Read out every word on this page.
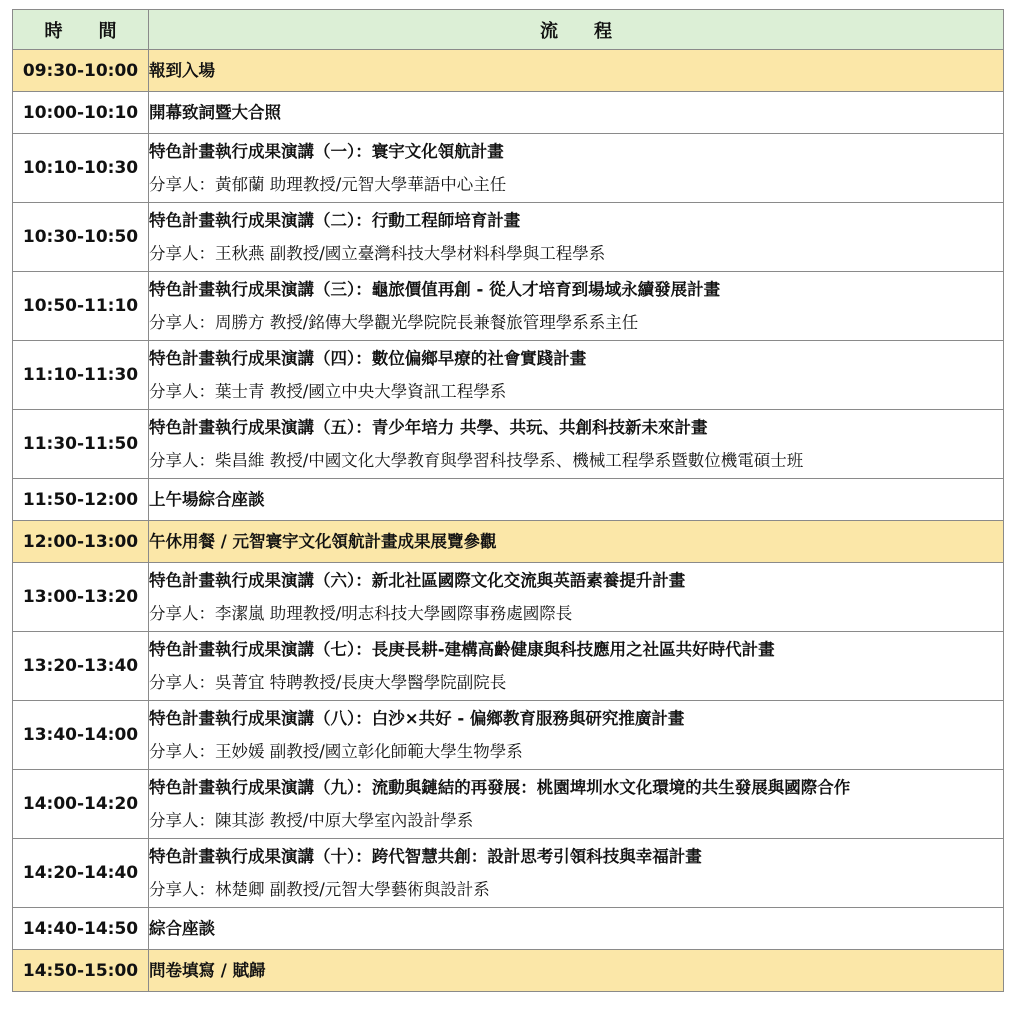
時　　間	流　　程
09:30-10:00	報到入場

10:00-10:10	開幕致詞暨大合照

10:10-10:30	特色計畫執行成果演講（一）：寰宇文化領航計畫
分享人：黃郁蘭 助理教授/元智大學華語中心主任

10:30-10:50	特色計畫執行成果演講（二）：行動工程師培育計畫
分享人：王秋燕 副教授/國立臺灣科技大學材料科學與工程學系

10:50-11:10	特色計畫執行成果演講（三）：龜旅價值再創 - 從人才培育到場域永續發展計畫
分享人：周勝方 教授/銘傳大學觀光學院院長兼餐旅管理學系系主任

11:10-11:30	特色計畫執行成果演講（四）：數位偏鄉早療的社會實踐計畫
分享人：葉士青 教授/國立中央大學資訊工程學系

11:30-11:50	特色計畫執行成果演講（五）：青少年培力 共學、共玩、共創科技新未來計畫
分享人：柴昌維 教授/中國文化大學教育與學習科技學系、機械工程學系暨數位機電碩士班

11:50-12:00	上午場綜合座談

12:00-13:00	午休用餐 / 元智寰宇文化領航計畫成果展覽參觀

13:00-13:20	特色計畫執行成果演講（六）：新北社區國際文化交流與英語素養提升計畫
分享人：李潔嵐 助理教授/明志科技大學國際事務處國際長

13:20-13:40	特色計畫執行成果演講（七）：長庚長耕-建構高齡健康與科技應用之社區共好時代計畫
分享人：吳菁宜 特聘教授/長庚大學醫學院副院長

13:40-14:00	特色計畫執行成果演講（八）：白沙×共好 - 偏鄉教育服務與研究推廣計畫
分享人：王妙媛 副教授/國立彰化師範大學生物學系

14:00-14:20	特色計畫執行成果演講（九）：流動與鏈結的再發展：桃園埤圳水文化環境的共生發展與國際合作
分享人：陳其澎 教授/中原大學室內設計學系

14:20-14:40	特色計畫執行成果演講（十）：跨代智慧共創：設計思考引領科技與幸福計畫
分享人：林楚卿 副教授/元智大學藝術與設計系

14:40-14:50	綜合座談

14:50-15:00	問卷填寫 / 賦歸
